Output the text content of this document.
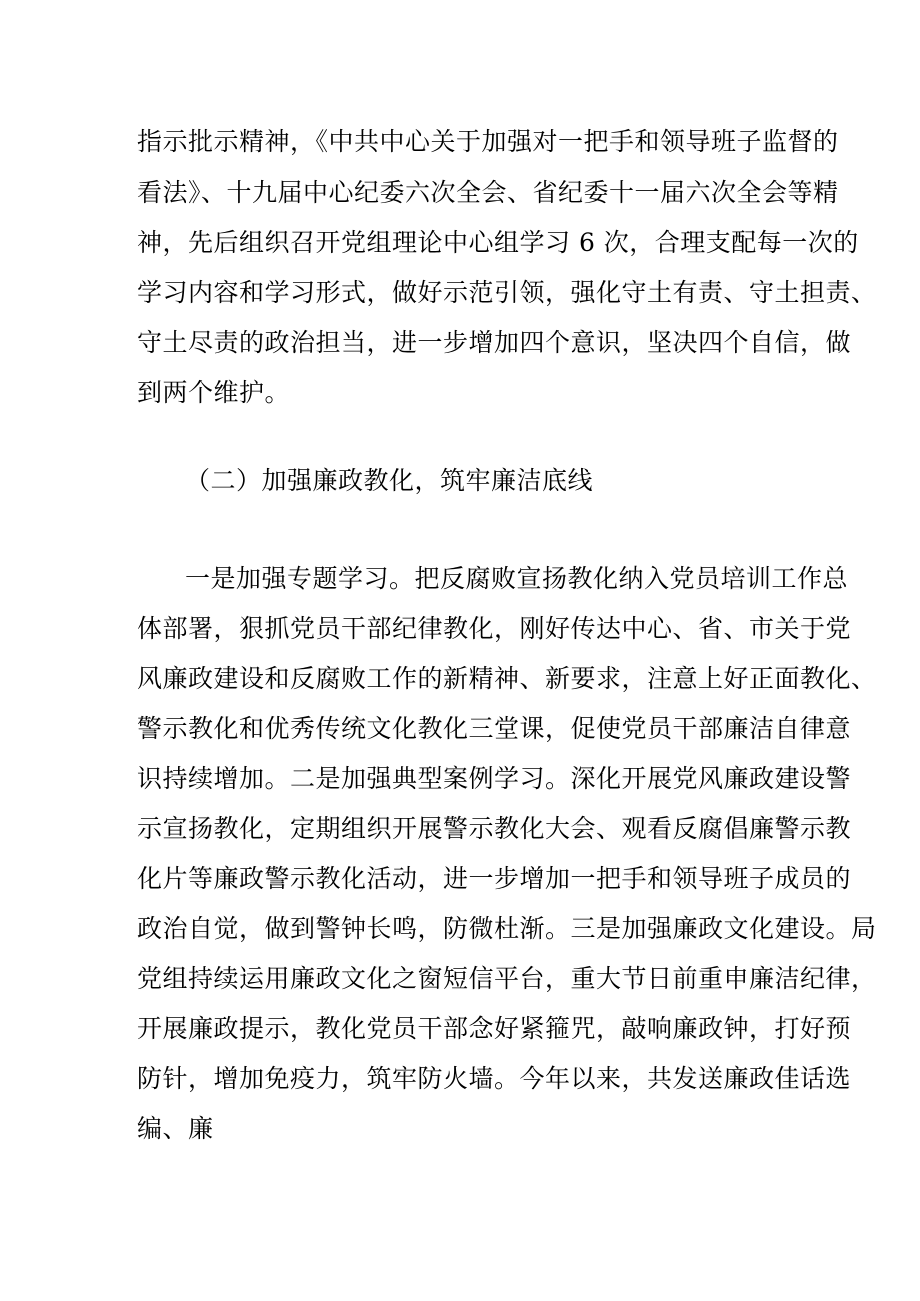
指示批示精神，《中共中心关于加强对一把手和领导班子监督的
看法》、十九届中心纪委六次全会、省纪委十一届六次全会等精
神，先后组织召开党组理论中心组学习 6 次，合理支配每一次的
学习内容和学习形式，做好示范引领，强化守土有责、守土担责、
守土尽责的政治担当，进一步增加四个意识，坚决四个自信，做
到两个维护。
（二）加强廉政教化，筑牢廉洁底线
一是加强专题学习。把反腐败宣扬教化纳入党员培训工作总
体部署，狠抓党员干部纪律教化，刚好传达中心、省、市关于党
风廉政建设和反腐败工作的新精神、新要求，注意上好正面教化、
警示教化和优秀传统文化教化三堂课，促使党员干部廉洁自律意
识持续增加。二是加强典型案例学习。深化开展党风廉政建设警
示宣扬教化，定期组织开展警示教化大会、观看反腐倡廉警示教
化片等廉政警示教化活动，进一步增加一把手和领导班子成员的
政治自觉，做到警钟长鸣，防微杜渐。三是加强廉政文化建设。局
党组持续运用廉政文化之窗短信平台，重大节日前重申廉洁纪律，
开展廉政提示，教化党员干部念好紧箍咒，敲响廉政钟，打好预
防针，增加免疫力，筑牢防火墙。今年以来，共发送廉政佳话选
编、廉
